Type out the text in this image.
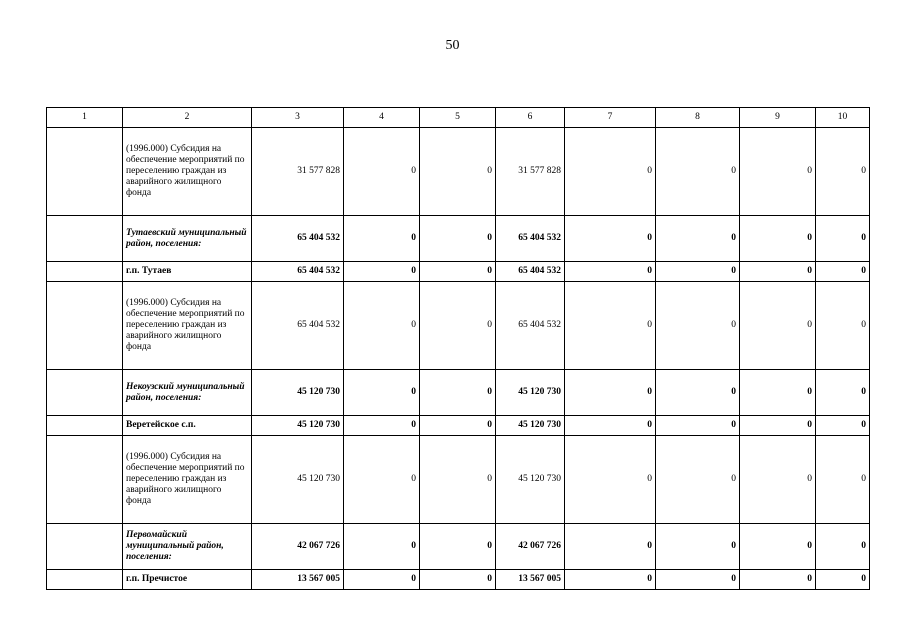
50
1	2	3	4	5	6	7	8	9	10
	(1996.000) Субсидия на обеспечение мероприятий по переселению граждан из аварийного жилищного фонда	31 577 828	0	0	31 577 828	0	0	0	0
	Тутаевский муниципальный район, поселения:	65 404 532	0	0	65 404 532	0	0	0	0
	г.п. Тутаев	65 404 532	0	0	65 404 532	0	0	0	0
	(1996.000) Субсидия на обеспечение мероприятий по переселению граждан из аварийного жилищного фонда	65 404 532	0	0	65 404 532	0	0	0	0
	Некоузский муниципальный район, поселения:	45 120 730	0	0	45 120 730	0	0	0	0
	Веретейское с.п.	45 120 730	0	0	45 120 730	0	0	0	0
	(1996.000) Субсидия на обеспечение мероприятий по переселению граждан из аварийного жилищного фонда	45 120 730	0	0	45 120 730	0	0	0	0
	Первомайский муниципальный район, поселения:	42 067 726	0	0	42 067 726	0	0	0	0
	г.п. Пречистое	13 567 005	0	0	13 567 005	0	0	0	0
